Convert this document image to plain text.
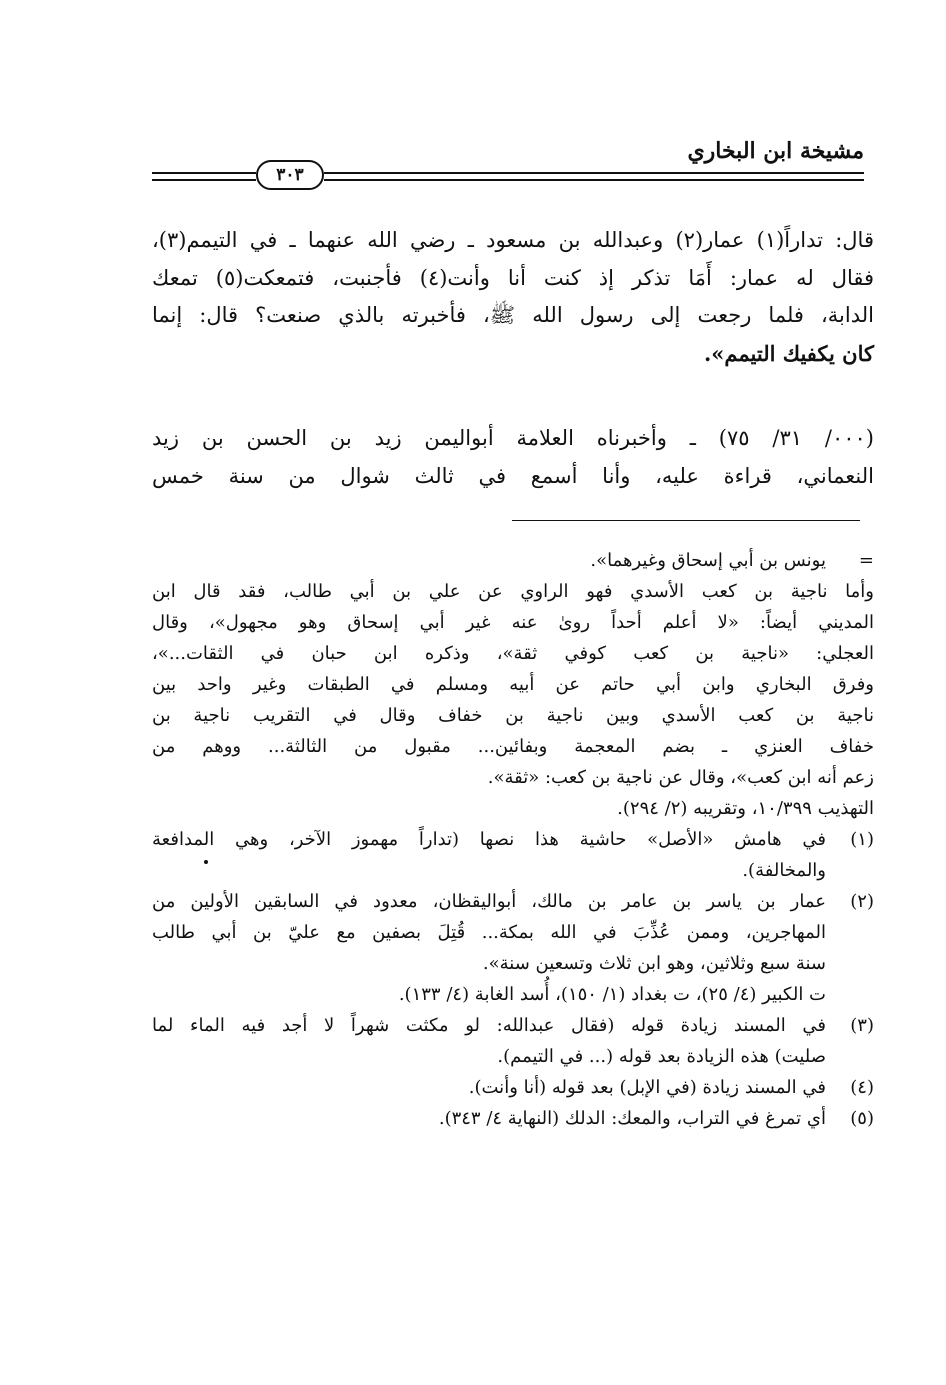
مشيخة ابن البخاري
٣٠٣
قال: تداراً(١) عمار(٢) وعبدالله بن مسعود ـ رضي الله عنهما ـ في التيمم(٣)،
فقال له عمار: أَمَا تذكر إذ كنت أنا وأنت(٤) فأجنبت، فتمعكت(٥) تمعك
الدابة، فلما رجعت إلى رسول الله ﷺ، فأخبرته بالذي صنعت؟ قال: إنما
كان يكفيك التيمم».
(٠٠٠/ ٣١/ ٧٥) ـ وأخبرناه العلامة أبواليمن زيد بن الحسن بن زيد
النعماني، قراءة عليه، وأنا أسمع في ثالث شوال من سنة خمس
=
يونس بن أبي إسحاق وغيرهما».
وأما ناجية بن كعب الأسدي فهو الراوي عن علي بن أبي طالب، فقد قال ابن
المديني أيضاً: «لا أعلم أحداً روىٰ عنه غير أبي إسحاق وهو مجهول»، وقال
العجلي: «ناجية بن كعب كوفي ثقة»، وذكره ابن حبان في الثقات...»،
وفرق البخاري وابن أبي حاتم عن أبيه ومسلم في الطبقات وغير واحد بين
ناجية بن كعب الأسدي وبين ناجية بن خفاف وقال في التقريب ناجية بن
خفاف العنزي ـ بضم المعجمة وبفائين... مقبول من الثالثة... ووهم من
زعم أنه ابن كعب»، وقال عن ناجية بن كعب: «ثقة».
التهذيب ١٠/٣٩٩، وتقريبه (٢/ ٢٩٤).
(١)
في هامش «الأصل» حاشية هذا نصها (تداراً مهموز الآخر، وهي المدافعة
والمخالفة).
(٢)
عمار بن ياسر بن عامر بن مالك، أبواليقظان، معدود في السابقين الأولين من
المهاجرين، وممن عُذِّبَ في الله بمكة... قُتِلَ بصفين مع عليّ بن أبي طالب
سنة سبع وثلاثين، وهو ابن ثلاث وتسعين سنة».
ت الكبير (٤/ ٢٥)، ت بغداد (١/ ١٥٠)، أُسد الغابة (٤/ ١٣٣).
(٣)
في المسند زيادة قوله (فقال عبدالله: لو مكثت شهراً لا أجد فيه الماء لما
صليت) هذه الزيادة بعد قوله (... في التيمم).
(٤)
في المسند زيادة (في الإبل) بعد قوله (أنا وأنت).
(٥)
أي تمرغ في التراب، والمعك: الدلك (النهاية ٤/ ٣٤٣).
